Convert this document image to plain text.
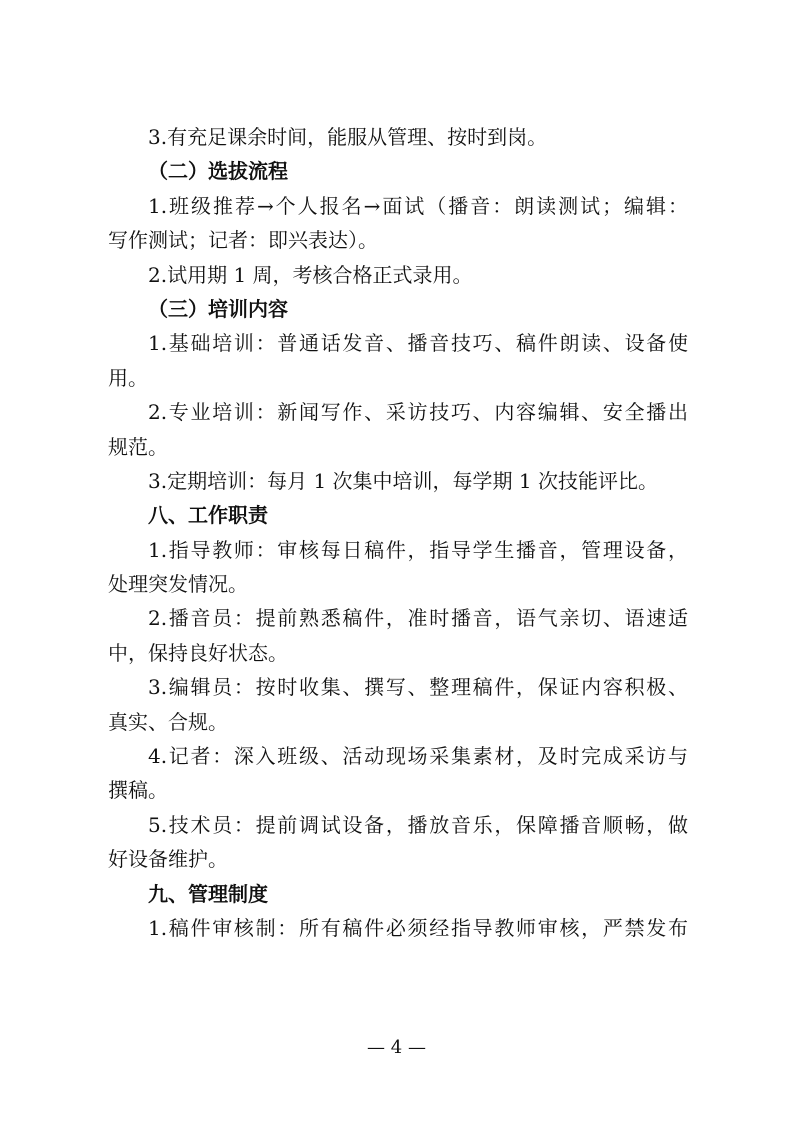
3.有充足课余时间，能服从管理、按时到岗。
（二）选拔流程
1.班级推荐→个人报名→面试（播音：朗读测试；编辑：
写作测试；记者：即兴表达）。
2.试用期 1 周，考核合格正式录用。
（三）培训内容
1.基础培训：普通话发音、播音技巧、稿件朗读、设备使
用。
2.专业培训：新闻写作、采访技巧、内容编辑、安全播出
规范。
3.定期培训：每月 1 次集中培训，每学期 1 次技能评比。
八、工作职责
1.指导教师：审核每日稿件，指导学生播音，管理设备，
处理突发情况。
2.播音员：提前熟悉稿件，准时播音，语气亲切、语速适
中，保持良好状态。
3.编辑员：按时收集、撰写、整理稿件，保证内容积极、
真实、合规。
4.记者：深入班级、活动现场采集素材，及时完成采访与
撰稿。
5.技术员：提前调试设备，播放音乐，保障播音顺畅，做
好设备维护。
九、管理制度
1.稿件审核制：所有稿件必须经指导教师审核，严禁发布
— 4 —
